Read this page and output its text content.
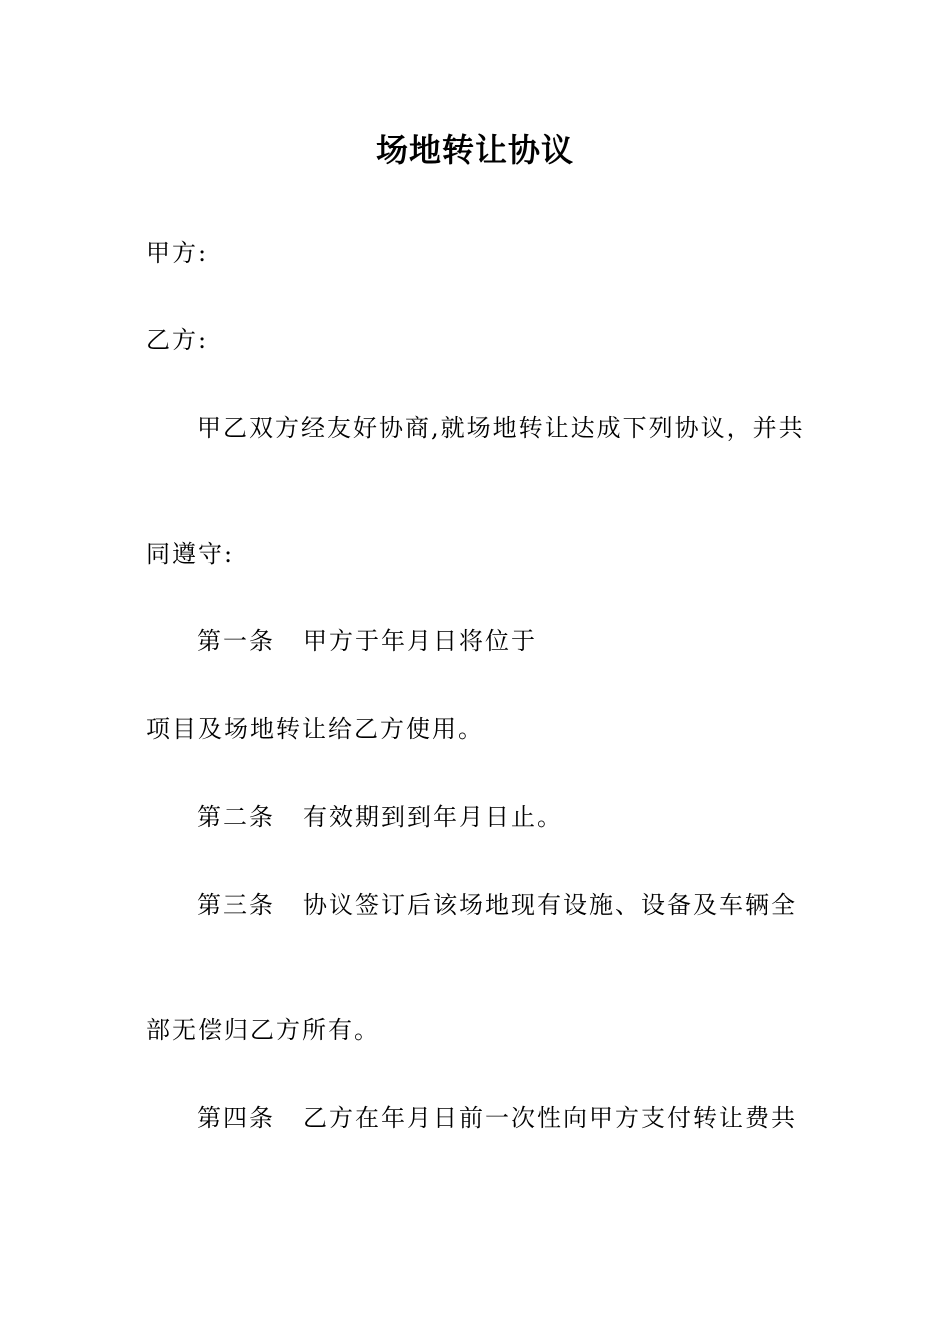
场地转让协议
甲方:
乙方:
甲乙双方经友好协商,就场地转让达成下列协议，并共
同遵守:
第一条 甲方于年月日将位于
项目及场地转让给乙方使用。
第二条 有效期到到年月日止。
第三条 协议签订后该场地现有设施、设备及车辆全
部无偿归乙方所有。
第四条 乙方在年月日前一次性向甲方支付转让费共
